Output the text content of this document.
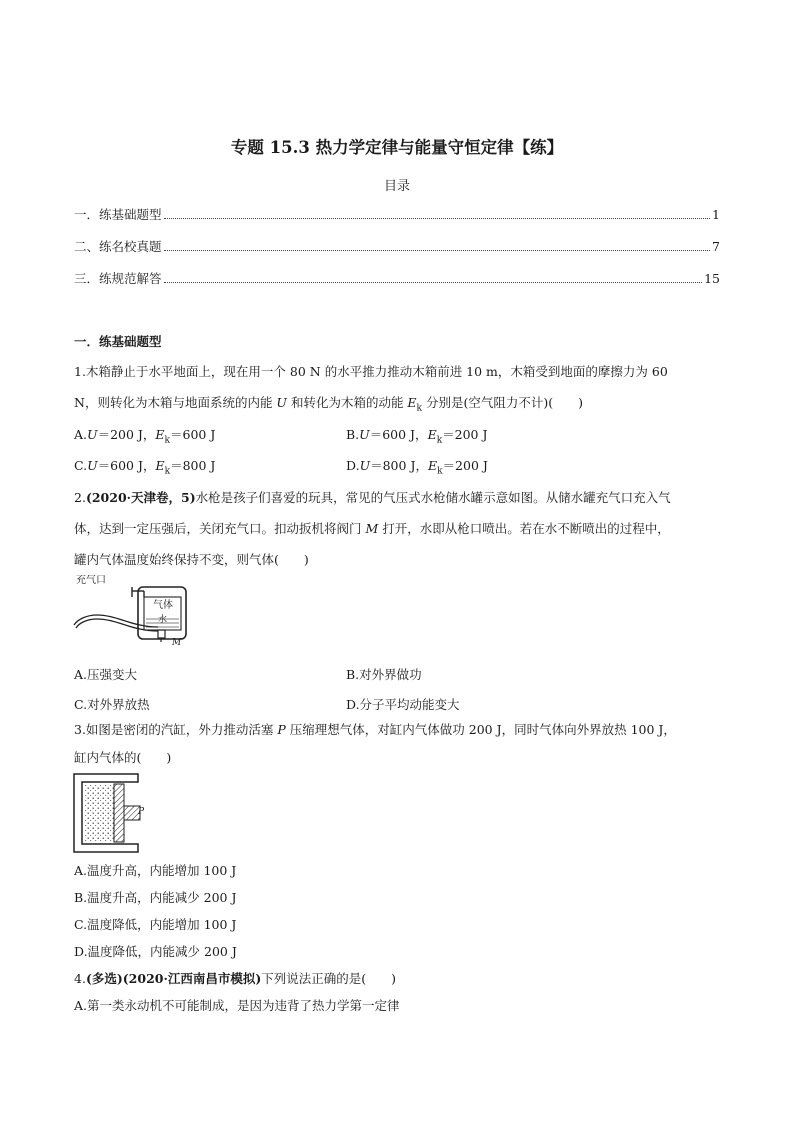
专题 15.3 热力学定律与能量守恒定律【练】
目录
一．练基础题型	1
二、练名校真题	7
三．练规范解答	15
一．练基础题型
1.木箱静止于水平地面上，现在用一个 80 N 的水平推力推动木箱前进 10 m，木箱受到地面的摩擦力为 60
N，则转化为木箱与地面系统的内能 U 和转化为木箱的动能 $E_k$ 分别是(空气阻力不计)(　　)
A.U＝200 J，$E_k=600$ J	B.U＝600 J，$E_k=200$ J
C.U＝600 J，$E_k=800$ J	D.U＝800 J，$E_k=200$ J
2.(2020·天津卷，5)水枪是孩子们喜爱的玩具，常见的气压式水枪储水罐示意如图。从储水罐充气口充入气
体，达到一定压强后，关闭充气口。扣动扳机将阀门 M 打开，水即从枪口喷出。若在水不断喷出的过程中，
罐内气体温度始终保持不变，则气体(　　)
充气口
气体
水
M
A.压强变大	B.对外界做功
C.对外界放热	D.分子平均动能变大
3.如图是密闭的汽缸，外力推动活塞 P 压缩理想气体，对缸内气体做功 200 J，同时气体向外界放热 100 J，
缸内气体的(　　)
P
A.温度升高，内能增加 100 J
B.温度升高，内能减少 200 J
C.温度降低，内能增加 100 J
D.温度降低，内能减少 200 J
4.(多选)(2020·江西南昌市模拟)下列说法正确的是(　　)
A.第一类永动机不可能制成，是因为违背了热力学第一定律
